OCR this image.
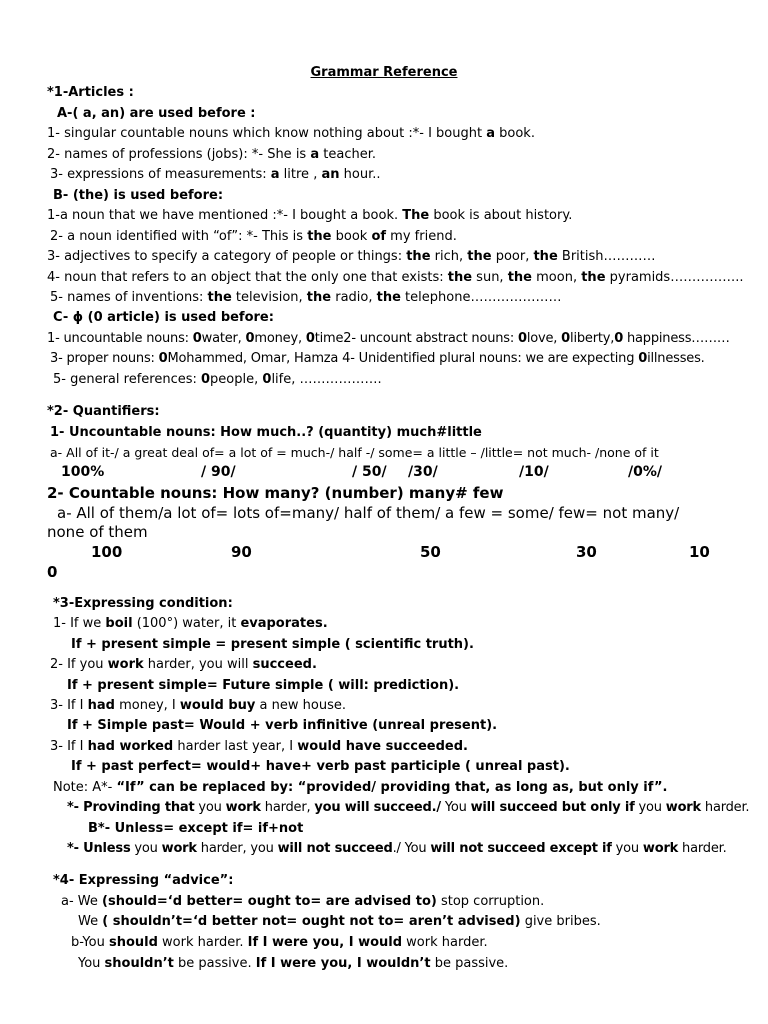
Grammar Reference
*1-Articles :
A-( a, an) are used before :
1- singular countable nouns which know nothing about :*- I bought a book.
2- names of professions (jobs): *- She is a teacher.
3- expressions of measurements: a litre , an hour..
B- (the) is used before:
1-a noun that we have mentioned :*- I bought a book. The book is about history.
2- a noun identified with “of”: *- This is the book of my friend.
3- adjectives to specify a category of people or things: the rich, the poor, the British…………
4- noun that refers to an object that the only one that exists: the sun, the moon, the pyramids……………..
5- names of inventions: the television, the radio, the telephone…………………
C- ϕ (0 article) is used before:
1- uncountable nouns: 0water, 0money, 0time2- uncount abstract nouns: 0love, 0liberty,0 happiness………
3- proper nouns: 0Mohammed, Omar, Hamza 4- Unidentified plural nouns: we are expecting 0illnesses.
5- general references: 0people, 0life, ……………….
*2- Quantifiers:
1- Uncountable nouns: How much..? (quantity) much#little
a- All of it-/ a great deal of= a lot of = much-/ half -/ some= a little – /little= not much- /none of it
100%	/ 90/	/ 50/ /30/	/10/	/0%/
2- Countable nouns: How many? (number) many# few
a- All of them/a lot of= lots of=many/ half of them/ a few = some/ few= not many/
none of them
100	90	50	30	10
0
*3-Expressing condition:
1- If we boil (100°) water, it evaporates.
If + present simple = present simple ( scientific truth).
2- If you work harder, you will succeed.
If + present simple= Future simple ( will: prediction).
3- If I had money, I would buy a new house.
If + Simple past= Would + verb infinitive (unreal present).
3- If I had worked harder last year, I would have succeeded.
If + past perfect= would+ have+ verb past participle ( unreal past).
Note: A*- “If” can be replaced by: “provided/ providing that, as long as, but only if”.
*- Provinding that you work harder, you will succeed./ You will succeed but only if you work harder.
B*- Unless= except if= if+not
*- Unless you work harder, you will not succeed./ You will not succeed except if you work harder.
*4- Expressing “advice”:
a- We (should=‘d better= ought to= are advised to) stop corruption.
We ( shouldn’t=‘d better not= ought not to= aren’t advised) give bribes.
b-You should work harder. If I were you, I would work harder.
You shouldn’t be passive. If I were you, I wouldn’t be passive.
